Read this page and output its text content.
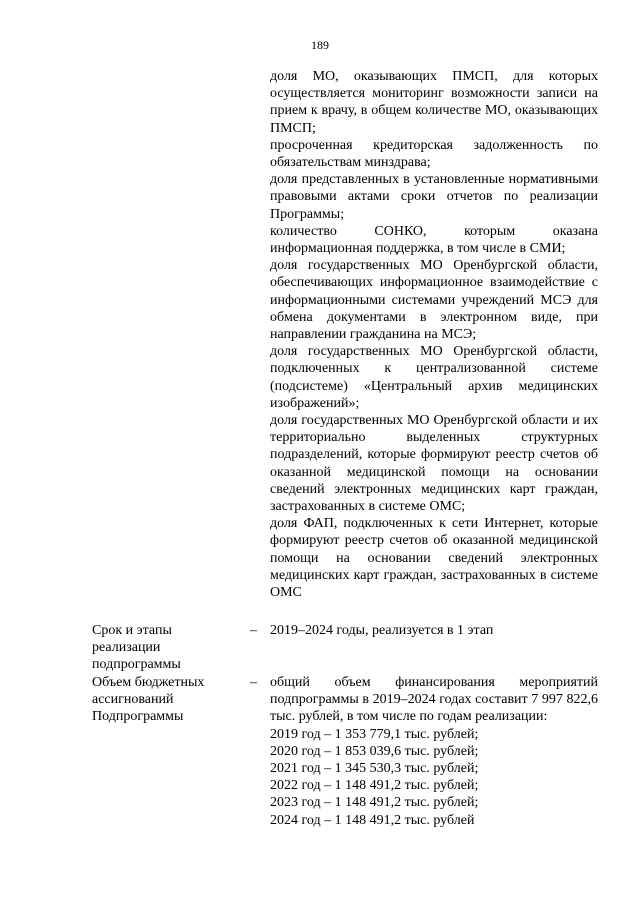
189

доля МО, оказывающих ПМСП, для которых осуществляется мониторинг возможности записи на прием к врачу, в общем количестве МО, оказывающих ПМСП;

просроченная кредиторская задолженность по обязательствам минздрава;

доля представленных в установленные нормативными правовыми актами сроки отчетов по реализации Программы;

количество СОНКО, которым оказана информационная поддержка, в том числе в СМИ;

доля государственных МО Оренбургской области, обеспечивающих информационное взаимодействие с информационными системами учреждений МСЭ для обмена документами в электронном виде, при направлении гражданина на МСЭ;

доля государственных МО Оренбургской области, подключенных к централизованной системе (подсистеме) «Центральный архив медицинских изображений»;

доля государственных МО Оренбургской области и их территориально выделенных структурных подразделений, которые формируют реестр счетов об оказанной медицинской помощи на основании сведений электронных медицинских карт граждан, застрахованных в системе ОМС;

доля ФАП, подключенных к сети Интернет, которые формируют реестр счетов об оказанной медицинской помощи на основании сведений электронных медицинских карт граждан, застрахованных в системе ОМС

Срок и этапы реализации подпрограммы
– 2019–2024 годы, реализуется в 1 этап

Объем бюджетных ассигнований Подпрограммы
– общий объем финансирования мероприятий подпрограммы в 2019–2024 годах составит 7 997 822,6 тыс. рублей, в том числе по годам реализации:

2019 год – 1 353 779,1 тыс. рублей;
2020 год – 1 853 039,6 тыс. рублей;
2021 год – 1 345 530,3 тыс. рублей;
2022 год – 1 148 491,2 тыс. рублей;
2023 год – 1 148 491,2 тыс. рублей;
2024 год – 1 148 491,2 тыс. рублей
